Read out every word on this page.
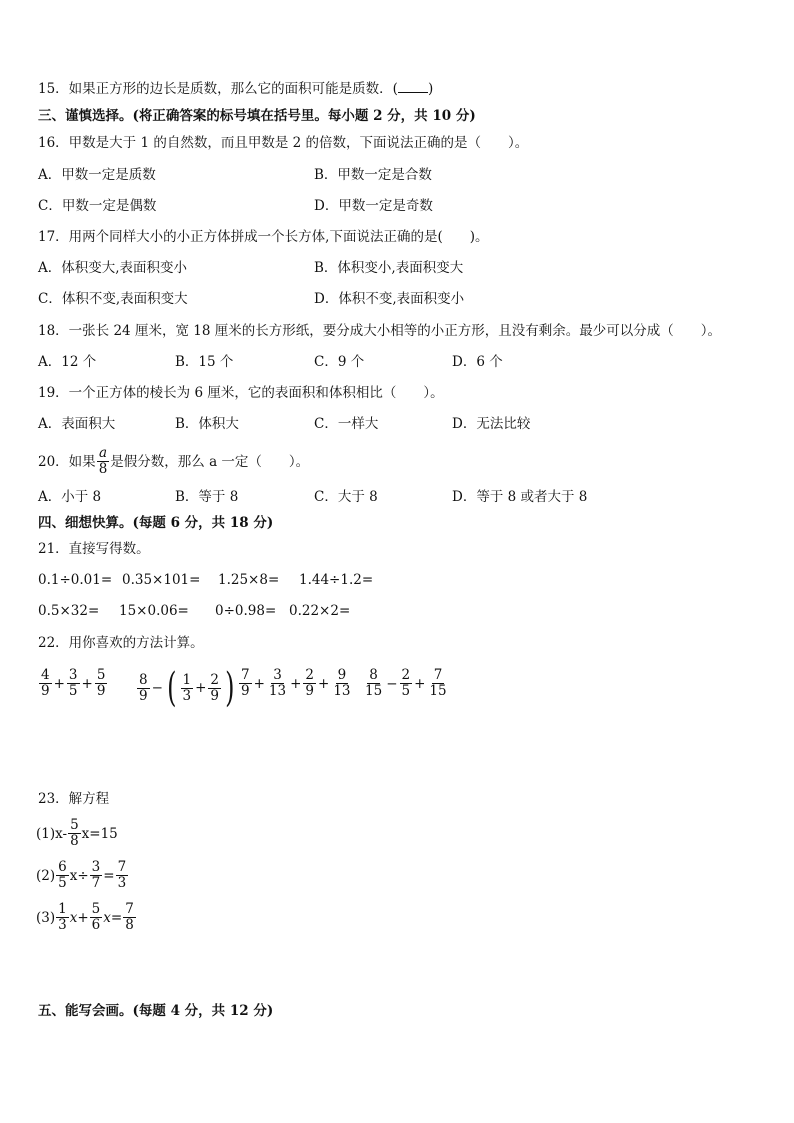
15．如果正方形的边长是质数，那么它的面积可能是质数．( )
三、谨慎选择。(将正确答案的标号填在括号里。每小题 2 分，共 10 分)
16．甲数是大于 1 的自然数，而且甲数是 2 的倍数，下面说法正确的是（　　）。
A．甲数一定是质数	B．甲数一定是合数
C．甲数一定是偶数	D．甲数一定是奇数
17．用两个同样大小的小正方体拼成一个长方体,下面说法正确的是(　　)。
A．体积变大,表面积变小	B．体积变小,表面积变大
C．体积不变,表面积变大	D．体积不变,表面积变小
18．一张长 24 厘米，宽 18 厘米的长方形纸，要分成大小相等的小正方形，且没有剩余。最少可以分成（　　）。
A．12 个	B．15 个	C．9 个	D．6 个
19．一个正方体的棱长为 6 厘米，它的表面积和体积相比（　　）。
A．表面积大	B．体积大	C．一样大	D．无法比较
20．如果 $\frac{a}{8}$ 是假分数，那么 a 一定（　　）。
A．小于 8	B．等于 8	C．大于 8	D．等于 8 或者大于 8
四、细想快算。(每题 6 分，共 18 分)
21．直接写得数。
0.1÷0.01= 0.35×101= 1.25×8= 1.44÷1.2=
0.5×32= 15×0.06= 0÷0.98= 0.22×2=
22．用你喜欢的方法计算。
$\frac{4}{9} + \frac{3}{5} + \frac{5}{9} \frac{8}{9}$ − ( $\frac{1}{3} + \frac{2}{9}$ ) $\frac{7}{9} + \frac{3}{13} + \frac{2}{9} + \frac{9}{13} \frac{8}{15} - \frac{2}{5} + \frac{7}{15}$
23．解方程
$(1)x- \frac{5}{8} x=15$
$(2) \frac{6}{5} x\div \frac{3}{7} = \frac{7}{3}$
$(3) \frac{1}{3} x+ \frac{5}{6} x= \frac{7}{8}$
五、能写会画。(每题 4 分，共 12 分)
